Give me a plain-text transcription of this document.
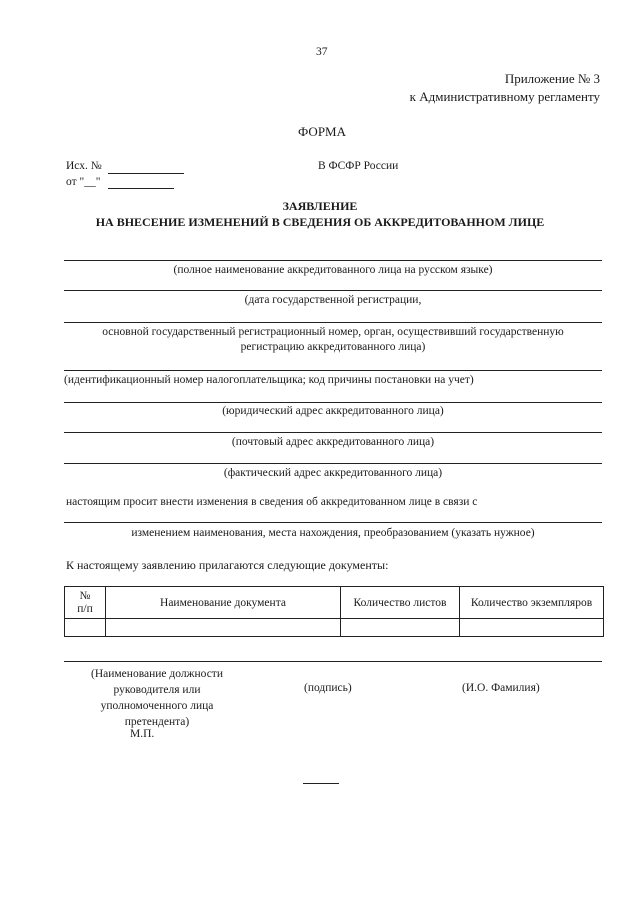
37
Приложение № 3
к Административному регламенту
ФОРМА
Исх. №
от "__"
В ФСФР России
ЗАЯВЛЕНИЕ
НА ВНЕСЕНИЕ ИЗМЕНЕНИЙ В СВЕДЕНИЯ ОБ АККРЕДИТОВАННОМ ЛИЦЕ
(полное наименование аккредитованного лица на русском языке)
(дата государственной регистрации,
основной государственный регистрационный номер, орган, осуществивший государственную
регистрацию аккредитованного лица)
(идентификационный номер налогоплательщика; код причины постановки на учет)
(юридический адрес аккредитованного лица)
(почтовый адрес аккредитованного лица)
(фактический адрес аккредитованного лица)
настоящим просит внести изменения в сведения об аккредитованном лице в связи с
изменением наименования, места нахождения, преобразованием (указать нужное)
К настоящему заявлению прилагаются следующие документы:
№
п/п	Наименование документа	Количество листов	Количество экземпляров

(Наименование должности
руководителя или
уполномоченного лица
претендента)
М.П.
(подпись)	(И.О. Фамилия)
